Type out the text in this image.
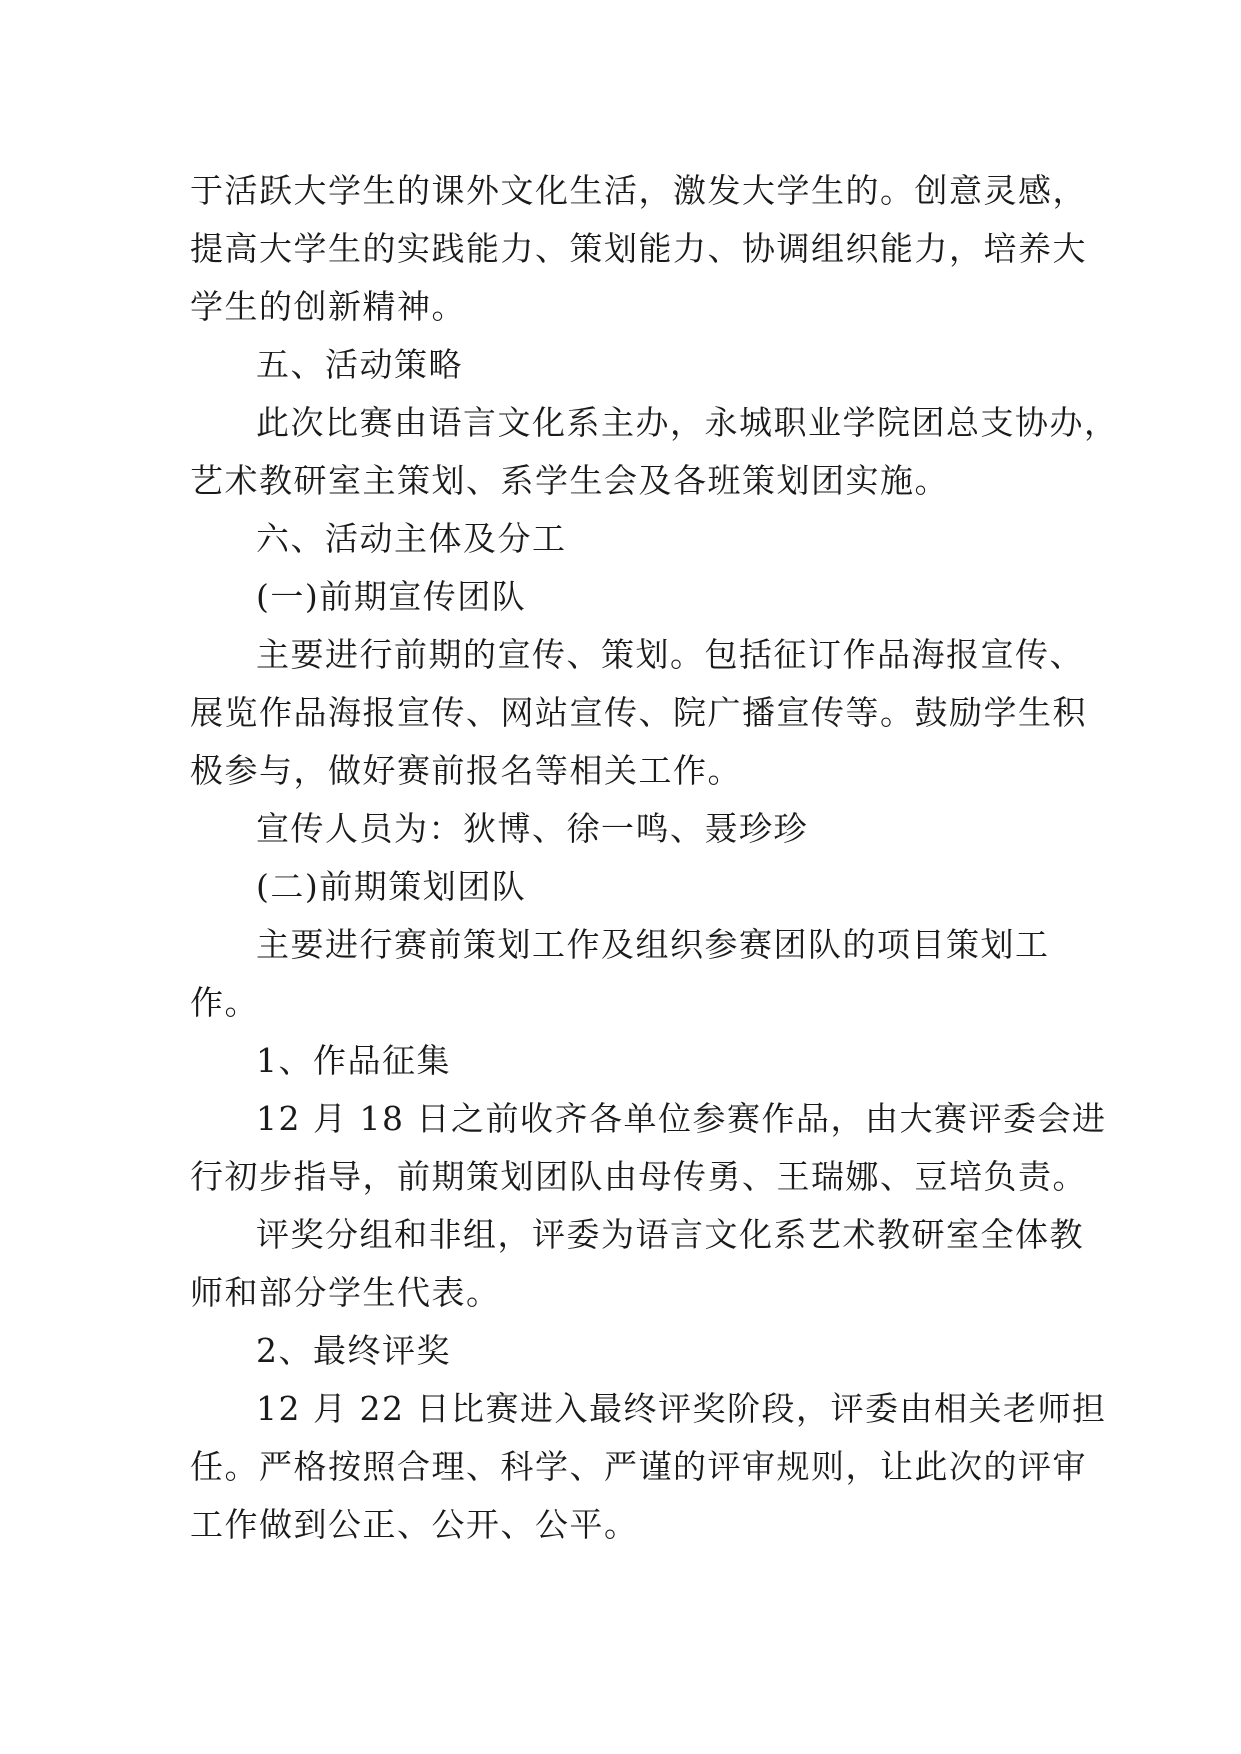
于活跃大学生的课外文化生活，激发大学生的。创意灵感，
提高大学生的实践能力、策划能力、协调组织能力，培养大
学生的创新精神。
五、活动策略
此次比赛由语言文化系主办，永城职业学院团总支协办，
艺术教研室主策划、系学生会及各班策划团实施。
六、活动主体及分工
(一)前期宣传团队
主要进行前期的宣传、策划。包括征订作品海报宣传、
展览作品海报宣传、网站宣传、院广播宣传等。鼓励学生积
极参与，做好赛前报名等相关工作。
宣传人员为：狄博、徐一鸣、聂珍珍
(二)前期策划团队
主要进行赛前策划工作及组织参赛团队的项目策划工
作。
1、作品征集
12 月 18 日之前收齐各单位参赛作品，由大赛评委会进
行初步指导，前期策划团队由母传勇、王瑞娜、豆培负责。
评奖分组和非组，评委为语言文化系艺术教研室全体教
师和部分学生代表。
2、最终评奖
12 月 22 日比赛进入最终评奖阶段，评委由相关老师担
任。严格按照合理、科学、严谨的评审规则，让此次的评审
工作做到公正、公开、公平。
